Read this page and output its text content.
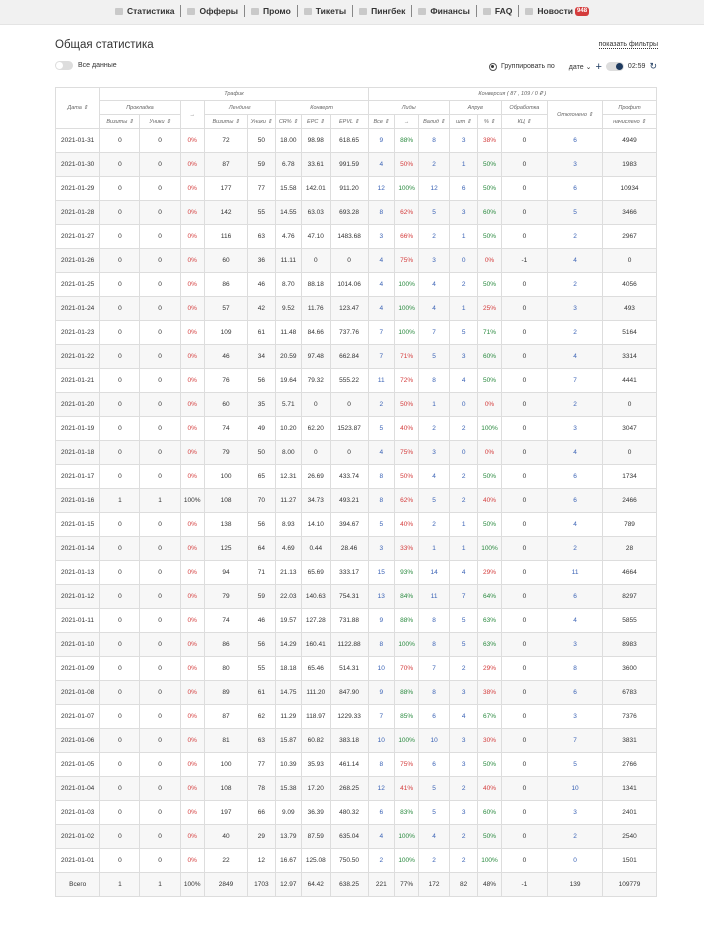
Статистика	Офферы	Промо	Тикеты	Пингбек	Финансы	FAQ	Новости 948
Общая статистика	показать фильтры
Все данные	Группировать по дате ⌄ +	02:59 ↻
Дата ⇕	Трафик								Конверсия ( 87 , 109 / 0 ₽ )							
	Прокладка		→	Лендинг		Конверт			Лиды			Апрув		Обработка	Отклонено ⇕	Профит
	Визиты ⇕	Уники ⇕		Визиты ⇕	Уники ⇕	CR% ⇕	EPC ⇕	EPVL ⇕	Все ⇕	→	Валид ⇕	шт ⇕	% ⇕	КЦ ⇕		начислено ⇕
2021-01-31	0	0	0%	72	50	18.00	98.98	618.65	9	88%	8	3	38%	0	6	4949
2021-01-30	0	0	0%	87	59	6.78	33.61	991.59	4	50%	2	1	50%	0	3	1983
2021-01-29	0	0	0%	177	77	15.58	142.01	911.20	12	100%	12	6	50%	0	6	10934
2021-01-28	0	0	0%	142	55	14.55	63.03	693.28	8	62%	5	3	60%	0	5	3466
2021-01-27	0	0	0%	116	63	4.76	47.10	1483.68	3	66%	2	1	50%	0	2	2967
2021-01-26	0	0	0%	60	36	11.11	0	0	4	75%	3	0	0%	-1	4	0
2021-01-25	0	0	0%	86	46	8.70	88.18	1014.06	4	100%	4	2	50%	0	2	4056
2021-01-24	0	0	0%	57	42	9.52	11.76	123.47	4	100%	4	1	25%	0	3	493
2021-01-23	0	0	0%	109	61	11.48	84.66	737.76	7	100%	7	5	71%	0	2	5164
2021-01-22	0	0	0%	46	34	20.59	97.48	662.84	7	71%	5	3	60%	0	4	3314
2021-01-21	0	0	0%	76	56	19.64	79.32	555.22	11	72%	8	4	50%	0	7	4441
2021-01-20	0	0	0%	60	35	5.71	0	0	2	50%	1	0	0%	0	2	0
2021-01-19	0	0	0%	74	49	10.20	62.20	1523.87	5	40%	2	2	100%	0	3	3047
2021-01-18	0	0	0%	79	50	8.00	0	0	4	75%	3	0	0%	0	4	0
2021-01-17	0	0	0%	100	65	12.31	26.69	433.74	8	50%	4	2	50%	0	6	1734
2021-01-16	1	1	100%	108	70	11.27	34.73	493.21	8	62%	5	2	40%	0	6	2466
2021-01-15	0	0	0%	138	56	8.93	14.10	394.67	5	40%	2	1	50%	0	4	789
2021-01-14	0	0	0%	125	64	4.69	0.44	28.46	3	33%	1	1	100%	0	2	28
2021-01-13	0	0	0%	94	71	21.13	65.69	333.17	15	93%	14	4	29%	0	11	4664
2021-01-12	0	0	0%	79	59	22.03	140.63	754.31	13	84%	11	7	64%	0	6	8297
2021-01-11	0	0	0%	74	46	19.57	127.28	731.88	9	88%	8	5	63%	0	4	5855
2021-01-10	0	0	0%	86	56	14.29	160.41	1122.88	8	100%	8	5	63%	0	3	8983
2021-01-09	0	0	0%	80	55	18.18	65.46	514.31	10	70%	7	2	29%	0	8	3600
2021-01-08	0	0	0%	89	61	14.75	111.20	847.90	9	88%	8	3	38%	0	6	6783
2021-01-07	0	0	0%	87	62	11.29	118.97	1229.33	7	85%	6	4	67%	0	3	7376
2021-01-06	0	0	0%	81	63	15.87	60.82	383.18	10	100%	10	3	30%	0	7	3831
2021-01-05	0	0	0%	100	77	10.39	35.93	461.14	8	75%	6	3	50%	0	5	2766
2021-01-04	0	0	0%	108	78	15.38	17.20	268.25	12	41%	5	2	40%	0	10	1341
2021-01-03	0	0	0%	197	66	9.09	36.39	480.32	6	83%	5	3	60%	0	3	2401
2021-01-02	0	0	0%	40	29	13.79	87.59	635.04	4	100%	4	2	50%	0	2	2540
2021-01-01	0	0	0%	22	12	16.67	125.08	750.50	2	100%	2	2	100%	0	0	1501
Всего	1	1	100%	2849	1703	12.97	64.42	638.25	221	77%	172	82	48%	-1	139	109779
